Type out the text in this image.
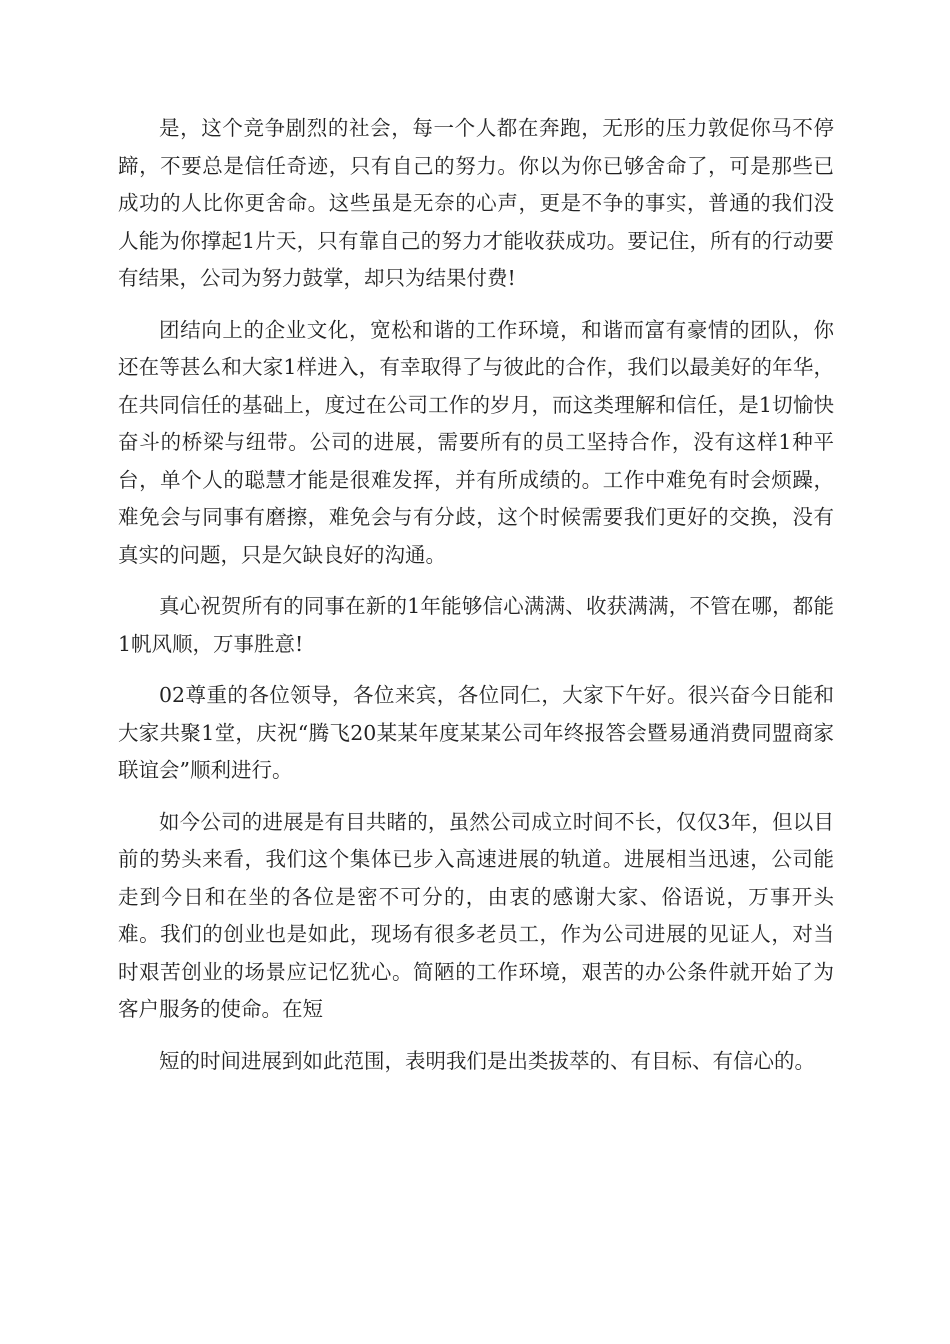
是，这个竞争剧烈的社会，每一个人都在奔跑，无形的压力敦促你马不停蹄，不要总是信任奇迹，只有自己的努力。你以为你已够舍命了，可是那些已成功的人比你更舍命。这些虽是无奈的心声，更是不争的事实，普通的我们没人能为你撑起1片天，只有靠自己的努力才能收获成功。要记住，所有的行动要有结果，公司为努力鼓掌，却只为结果付费!

团结向上的企业文化，宽松和谐的工作环境，和谐而富有豪情的团队，你还在等甚么和大家1样进入，有幸取得了与彼此的合作，我们以最美好的年华，在共同信任的基础上，度过在公司工作的岁月，而这类理解和信任，是1切愉快奋斗的桥梁与纽带。公司的进展，需要所有的员工坚持合作，没有这样1种平台，单个人的聪慧才能是很难发挥，并有所成绩的。工作中难免有时会烦躁，难免会与同事有磨擦，难免会与有分歧，这个时候需要我们更好的交换，没有真实的问题，只是欠缺良好的沟通。

真心祝贺所有的同事在新的1年能够信心满满、收获满满，不管在哪，都能1帆风顺，万事胜意!

02尊重的各位领导，各位来宾，各位同仁，大家下午好。很兴奋今日能和大家共聚1堂，庆祝“腾飞20某某年度某某公司年终报答会暨易通消费同盟商家联谊会”顺利进行。

如今公司的进展是有目共睹的，虽然公司成立时间不长，仅仅3年，但以目前的势头来看，我们这个集体已步入高速进展的轨道。进展相当迅速，公司能走到今日和在坐的各位是密不可分的，由衷的感谢大家、俗语说，万事开头难。我们的创业也是如此，现场有很多老员工，作为公司进展的见证人，对当时艰苦创业的场景应记忆犹心。简陋的工作环境，艰苦的办公条件就开始了为客户服务的使命。在短

短的时间进展到如此范围，表明我们是出类拔萃的、有目标、有信心的。
